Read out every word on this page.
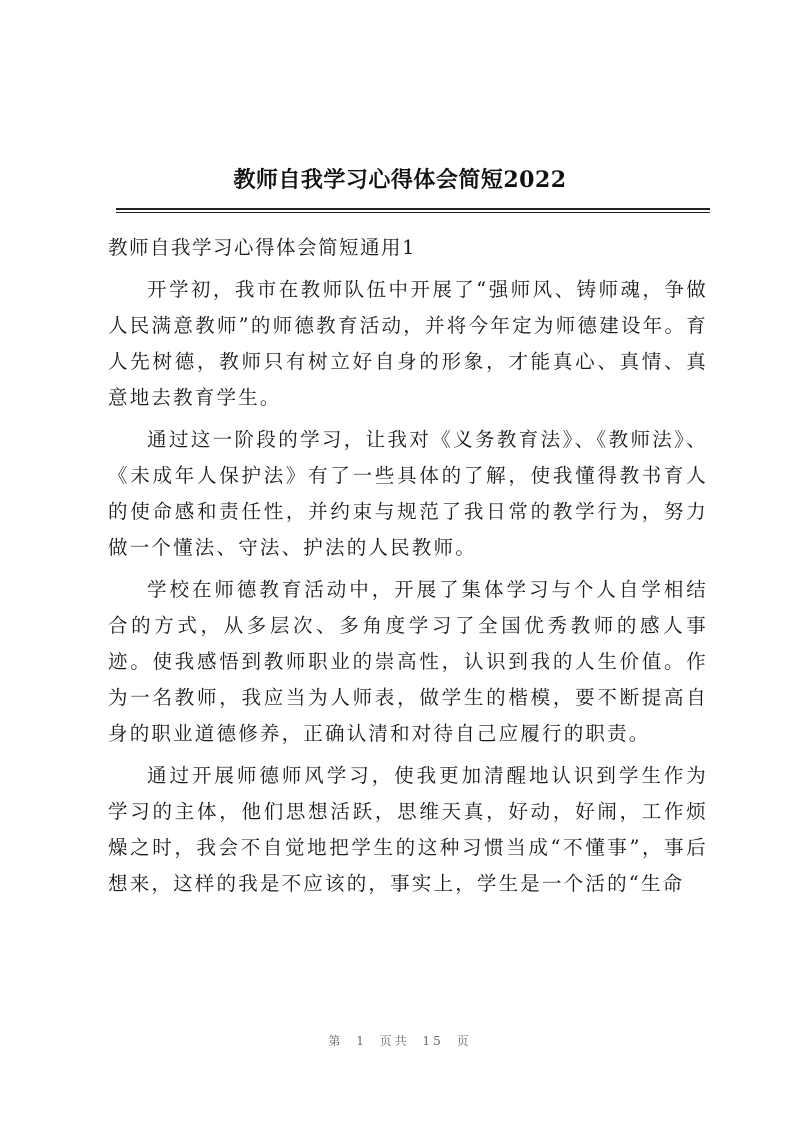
教师自我学习心得体会简短2022

教师自我学习心得体会简短通用1

开学初，我市在教师队伍中开展了“强师风、铸师魂，争做人民满意教师”的师德教育活动，并将今年定为师德建设年。育人先树德，教师只有树立好自身的形象，才能真心、真情、真意地去教育学生。

通过这一阶段的学习，让我对《义务教育法》、《教师法》、《未成年人保护法》有了一些具体的了解，使我懂得教书育人的使命感和责任性，并约束与规范了我日常的教学行为，努力做一个懂法、守法、护法的人民教师。

学校在师德教育活动中，开展了集体学习与个人自学相结合的方式，从多层次、多角度学习了全国优秀教师的感人事迹。使我感悟到教师职业的崇高性，认识到我的人生价值。作为一名教师，我应当为人师表，做学生的楷模，要不断提高自身的职业道德修养，正确认清和对待自己应履行的职责。

通过开展师德师风学习，使我更加清醒地认识到学生作为学习的主体，他们思想活跃，思维天真，好动，好闹，工作烦燥之时，我会不自觉地把学生的这种习惯当成“不懂事”，事后想来，这样的我是不应该的，事实上，学生是一个活的“生命

第 1 页共 15 页
